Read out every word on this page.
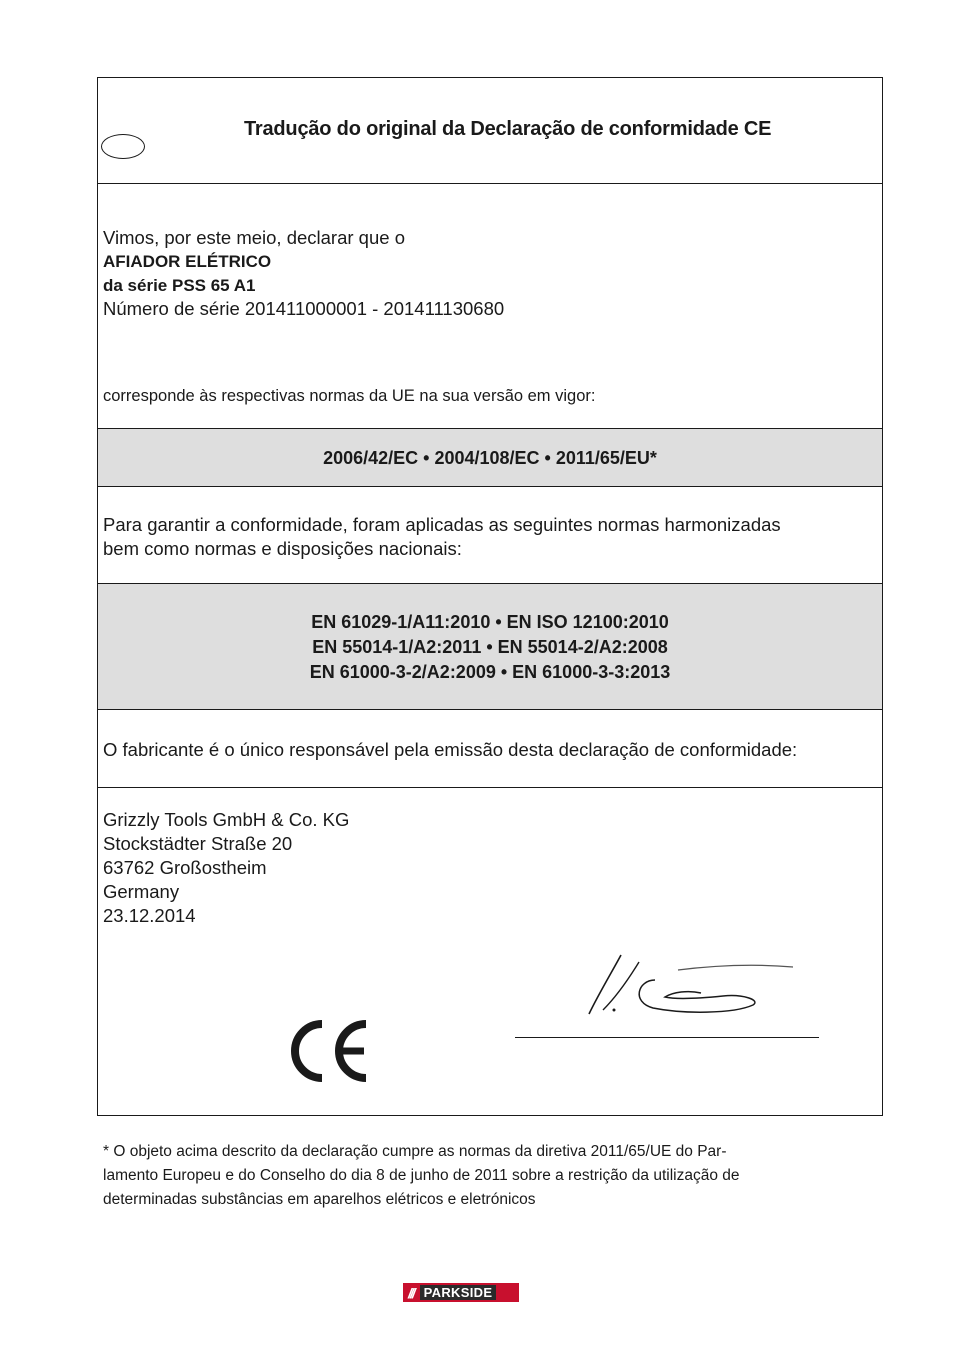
Tradução do original da Declaração de conformidade CE
Vimos, por este meio, declarar que o
AFIADOR ELÉTRICO
da série PSS 65 A1
Número de série 201411000001 - 201411130680
corresponde às respectivas normas da UE na sua versão em vigor:
2006/42/EC • 2004/108/EC • 2011/65/EU*
Para garantir a conformidade, foram aplicadas as seguintes normas harmonizadas
bem como normas e disposições nacionais:
EN 61029-1/A11:2010 • EN ISO 12100:2010
EN 55014-1/A2:2011 • EN 55014-2/A2:2008
EN 61000-3-2/A2:2009 • EN 61000-3-3:2013
O fabricante é o único responsável pela emissão desta declaração de conformidade:
Grizzly Tools GmbH & Co. KG
Stockstädter Straße 20
63762 Großostheim
Germany
23.12.2014
* O objeto acima descrito da declaração cumpre as normas da diretiva 2011/65/UE do Par-
lamento Europeu e do Conselho do dia 8 de junho de 2011 sobre a restrição da utilização de
determinadas substâncias em aparelhos elétricos e eletrónicos
/// PARKSIDE
